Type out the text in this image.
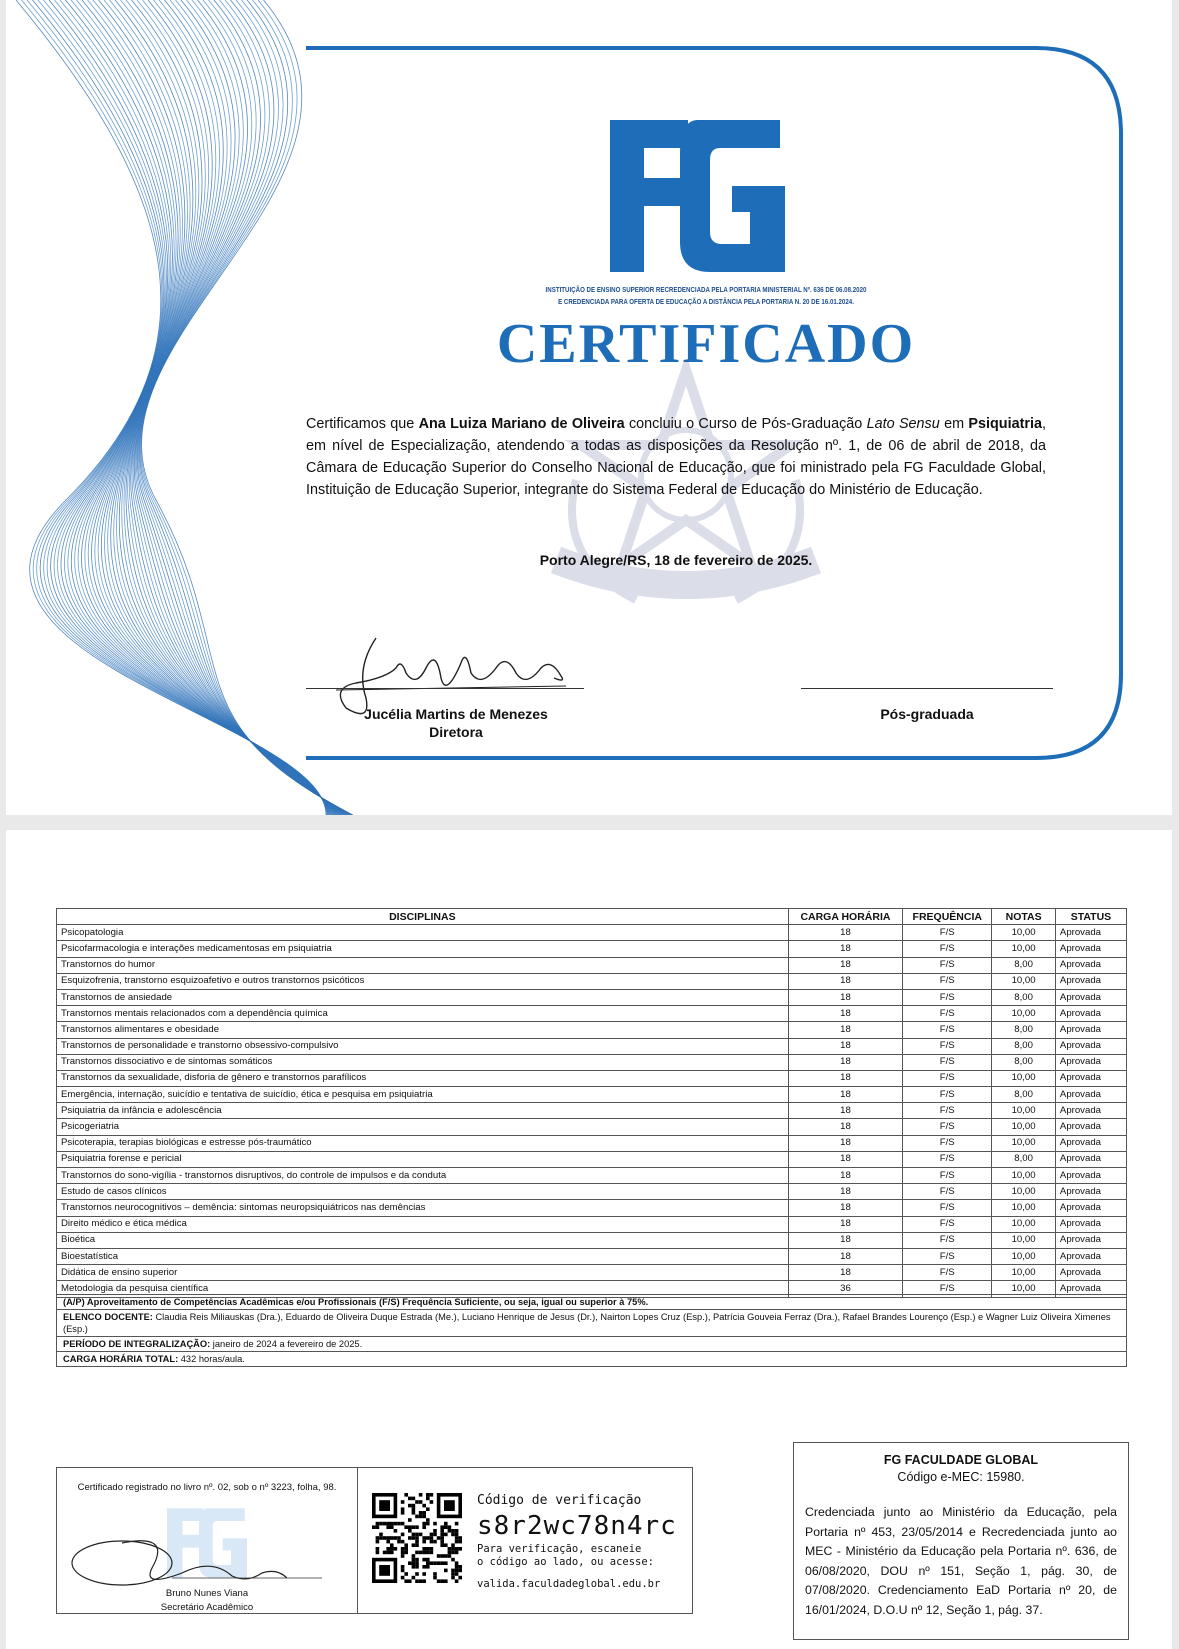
INSTITUIÇÃO DE ENSINO SUPERIOR RECREDENCIADA PELA PORTARIA MINISTERIAL Nº. 636 DE 06.08.2020
E CREDENCIADA PARA OFERTA DE EDUCAÇÃO A DISTÂNCIA PELA PORTARIA N. 20 DE 16.01.2024.
CERTIFICADO
Certificamos que Ana Luiza Mariano de Oliveira concluiu o Curso de Pós-Graduação Lato Sensu em Psiquiatria, em nível de Especialização, atendendo a todas as disposições da Resolução nº. 1, de 06 de abril de 2018, da Câmara de Educação Superior do Conselho Nacional de Educação, que foi ministrado pela FG Faculdade Global, Instituição de Educação Superior, integrante do Sistema Federal de Educação do Ministério de Educação.
Porto Alegre/RS, 18 de fevereiro de 2025.
Jucélia Martins de Menezes
Diretora
Pós-graduada
DISCIPLINAS	CARGA HORÁRIA	FREQUÊNCIA	NOTAS	STATUS
Psicopatologia	18	F/S	10,00	Aprovada
Psicofarmacologia e interações medicamentosas em psiquiatria	18	F/S	10,00	Aprovada
Transtornos do humor	18	F/S	8,00	Aprovada
Esquizofrenia, transtorno esquizoafetivo e outros transtornos psicóticos	18	F/S	10,00	Aprovada
Transtornos de ansiedade	18	F/S	8,00	Aprovada
Transtornos mentais relacionados com a dependência química	18	F/S	10,00	Aprovada
Transtornos alimentares e obesidade	18	F/S	8,00	Aprovada
Transtornos de personalidade e transtorno obsessivo-compulsivo	18	F/S	8,00	Aprovada
Transtornos dissociativo e de sintomas somáticos	18	F/S	8,00	Aprovada
Transtornos da sexualidade, disforia de gênero e transtornos parafílicos	18	F/S	10,00	Aprovada
Emergência, internação, suicídio e tentativa de suicídio, ética e pesquisa em psiquiatria	18	F/S	8,00	Aprovada
Psiquiatria da infância e adolescência	18	F/S	10,00	Aprovada
Psicogeriatria	18	F/S	10,00	Aprovada
Psicoterapia, terapias biológicas e estresse pós-traumático	18	F/S	10,00	Aprovada
Psiquiatria forense e pericial	18	F/S	8,00	Aprovada
Transtornos do sono-vigília - transtornos disruptivos, do controle de impulsos e da conduta	18	F/S	10,00	Aprovada
Estudo de casos clínicos	18	F/S	10,00	Aprovada
Transtornos neurocognitivos – demência: sintomas neuropsiquiátricos nas demências	18	F/S	10,00	Aprovada
Direito médico e ética médica	18	F/S	10,00	Aprovada
Bioética	18	F/S	10,00	Aprovada
Bioestatística	18	F/S	10,00	Aprovada
Didática de ensino superior	18	F/S	10,00	Aprovada
Metodologia da pesquisa científica	36	F/S	10,00	Aprovada
(A/P) Aproveitamento de Competências Acadêmicas e/ou Profissionais (F/S) Frequência Suficiente, ou seja, igual ou superior à 75%.
ELENCO DOCENTE: Claudia Reis Miliauskas (Dra.), Eduardo de Oliveira Duque Estrada (Me.), Luciano Henrique de Jesus (Dr.), Nairton Lopes Cruz (Esp.), Patrícia Gouveia Ferraz (Dra.), Rafael Brandes Lourenço (Esp.) e Wagner Luiz Oliveira Ximenes (Esp.)
PERÍODO DE INTEGRALIZAÇÃO: janeiro de 2024 a fevereiro de 2025.
CARGA HORÁRIA TOTAL: 432 horas/aula.
Certificado registrado no livro nº. 02, sob o nº 3223, folha, 98.
Bruno Nunes Viana
Secretário Acadêmico
Código de verificação
s8r2wc78n4rc
Para verificação, escaneie
o código ao lado, ou acesse:
valida.faculdadeglobal.edu.br
FG FACULDADE GLOBAL
Código e-MEC: 15980.
Credenciada junto ao Ministério da Educação, pela Portaria nº 453, 23/05/2014 e Recredenciada junto ao MEC - Ministério da Educação pela Portaria nº. 636, de 06/08/2020, DOU nº 151, Seção 1, pág. 30, de 07/08/2020. Credenciamento EaD Portaria nº 20, de 16/01/2024, D.O.U nº 12, Seção 1, pág. 37.
